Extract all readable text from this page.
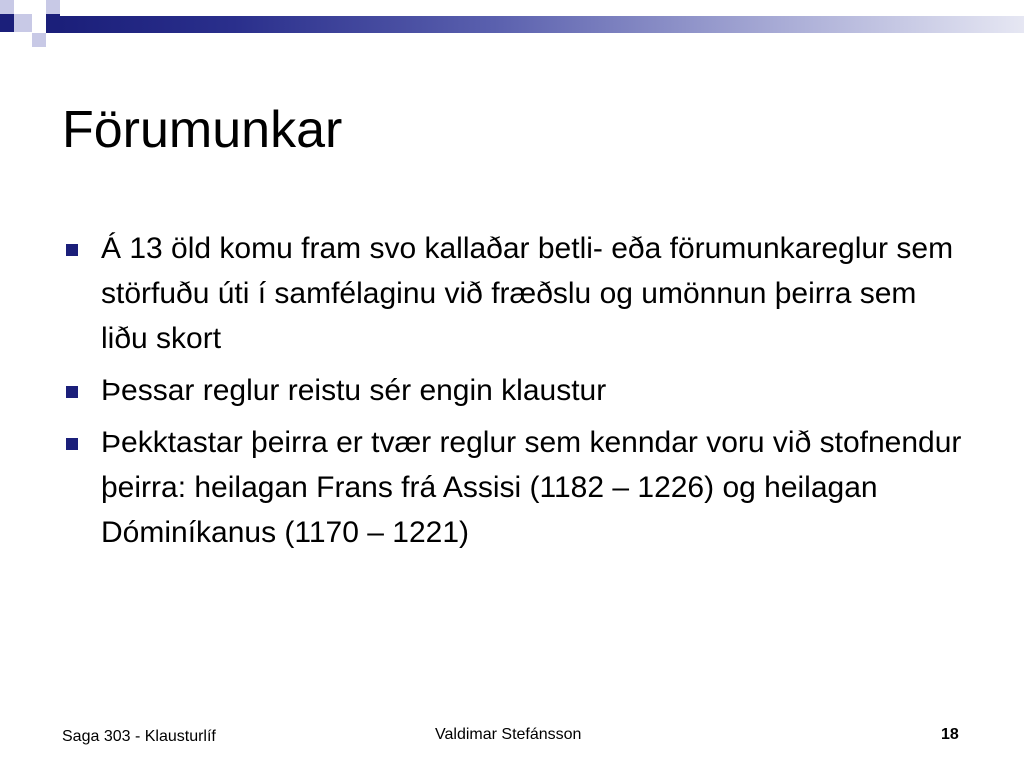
Förumunkar
Á 13 öld komu fram svo kallaðar betli- eða förumunkareglur sem störfuðu úti í samfélaginu við fræðslu og umönnun þeirra sem liðu skort
Þessar reglur reistu sér engin klaustur
Þekktastar þeirra er tvær reglur sem kenndar voru við stofnendur þeirra: heilagan Frans frá Assisi (1182 – 1226) og heilagan Dóminíkanus (1170 – 1221)
Saga 303 - Klausturlíf	Valdimar Stefánsson	18
